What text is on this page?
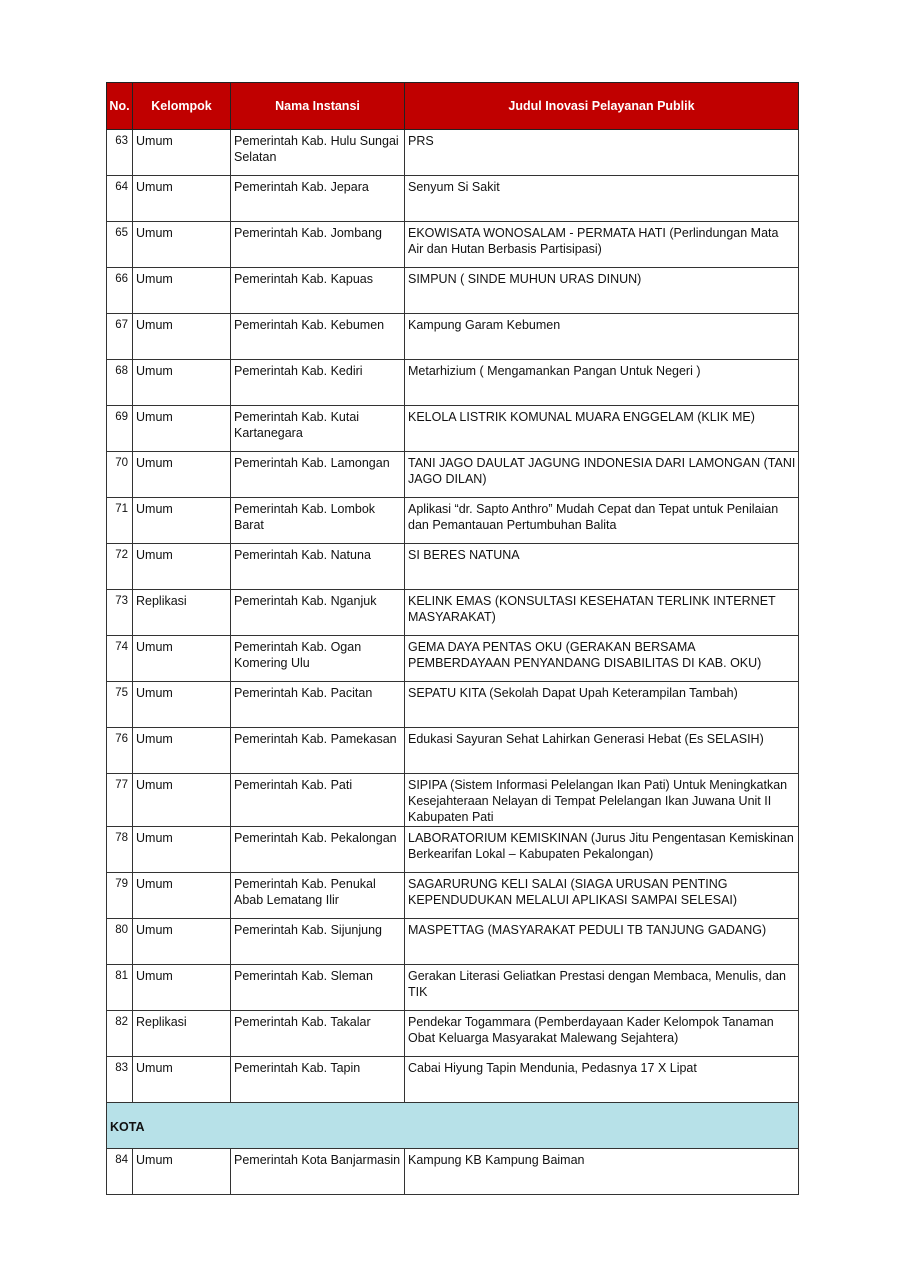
No.	Kelompok	Nama Instansi	Judul Inovasi Pelayanan Publik
63	Umum	Pemerintah Kab. Hulu Sungai Selatan	PRS
64	Umum	Pemerintah Kab. Jepara	Senyum Si Sakit
65	Umum	Pemerintah Kab. Jombang	EKOWISATA WONOSALAM - PERMATA HATI (Perlindungan Mata Air dan Hutan Berbasis Partisipasi)
66	Umum	Pemerintah Kab. Kapuas	SIMPUN ( SINDE MUHUN URAS DINUN)
67	Umum	Pemerintah Kab. Kebumen	Kampung Garam Kebumen
68	Umum	Pemerintah Kab. Kediri	Metarhizium ( Mengamankan Pangan Untuk Negeri )
69	Umum	Pemerintah Kab. Kutai Kartanegara	KELOLA LISTRIK KOMUNAL MUARA ENGGELAM (KLIK ME)
70	Umum	Pemerintah Kab. Lamongan	TANI JAGO DAULAT JAGUNG INDONESIA DARI LAMONGAN (TANI JAGO DILAN)
71	Umum	Pemerintah Kab. Lombok Barat	Aplikasi “dr. Sapto Anthro” Mudah Cepat dan Tepat untuk Penilaian dan Pemantauan Pertumbuhan Balita
72	Umum	Pemerintah Kab. Natuna	SI BERES NATUNA
73	Replikasi	Pemerintah Kab. Nganjuk	KELINK EMAS (KONSULTASI KESEHATAN TERLINK INTERNET MASYARAKAT)
74	Umum	Pemerintah Kab. Ogan Komering Ulu	GEMA DAYA PENTAS OKU (GERAKAN BERSAMA PEMBERDAYAAN PENYANDANG DISABILITAS DI KAB. OKU)
75	Umum	Pemerintah Kab. Pacitan	SEPATU KITA (Sekolah Dapat Upah Keterampilan Tambah)
76	Umum	Pemerintah Kab. Pamekasan	Edukasi Sayuran Sehat Lahirkan Generasi Hebat (Es SELASIH)
77	Umum	Pemerintah Kab. Pati	SIPIPA (Sistem Informasi Pelelangan Ikan Pati) Untuk Meningkatkan Kesejahteraan Nelayan di Tempat Pelelangan Ikan Juwana Unit II Kabupaten Pati
78	Umum	Pemerintah Kab. Pekalongan	LABORATORIUM KEMISKINAN (Jurus Jitu Pengentasan Kemiskinan Berkearifan Lokal – Kabupaten Pekalongan)
79	Umum	Pemerintah Kab. Penukal Abab Lematang Ilir	SAGARURUNG KELI SALAI (SIAGA URUSAN PENTING KEPENDUDUKAN MELALUI APLIKASI SAMPAI SELESAI)
80	Umum	Pemerintah Kab. Sijunjung	MASPETTAG (MASYARAKAT PEDULI TB TANJUNG GADANG)
81	Umum	Pemerintah Kab. Sleman	Gerakan Literasi Geliatkan Prestasi dengan Membaca, Menulis, dan TIK
82	Replikasi	Pemerintah Kab. Takalar	Pendekar Togammara (Pemberdayaan Kader Kelompok Tanaman Obat Keluarga Masyarakat Malewang Sejahtera)
83	Umum	Pemerintah Kab. Tapin	Cabai Hiyung Tapin Mendunia, Pedasnya 17 X Lipat
KOTA			
84	Umum	Pemerintah Kota Banjarmasin	Kampung KB Kampung Baiman
